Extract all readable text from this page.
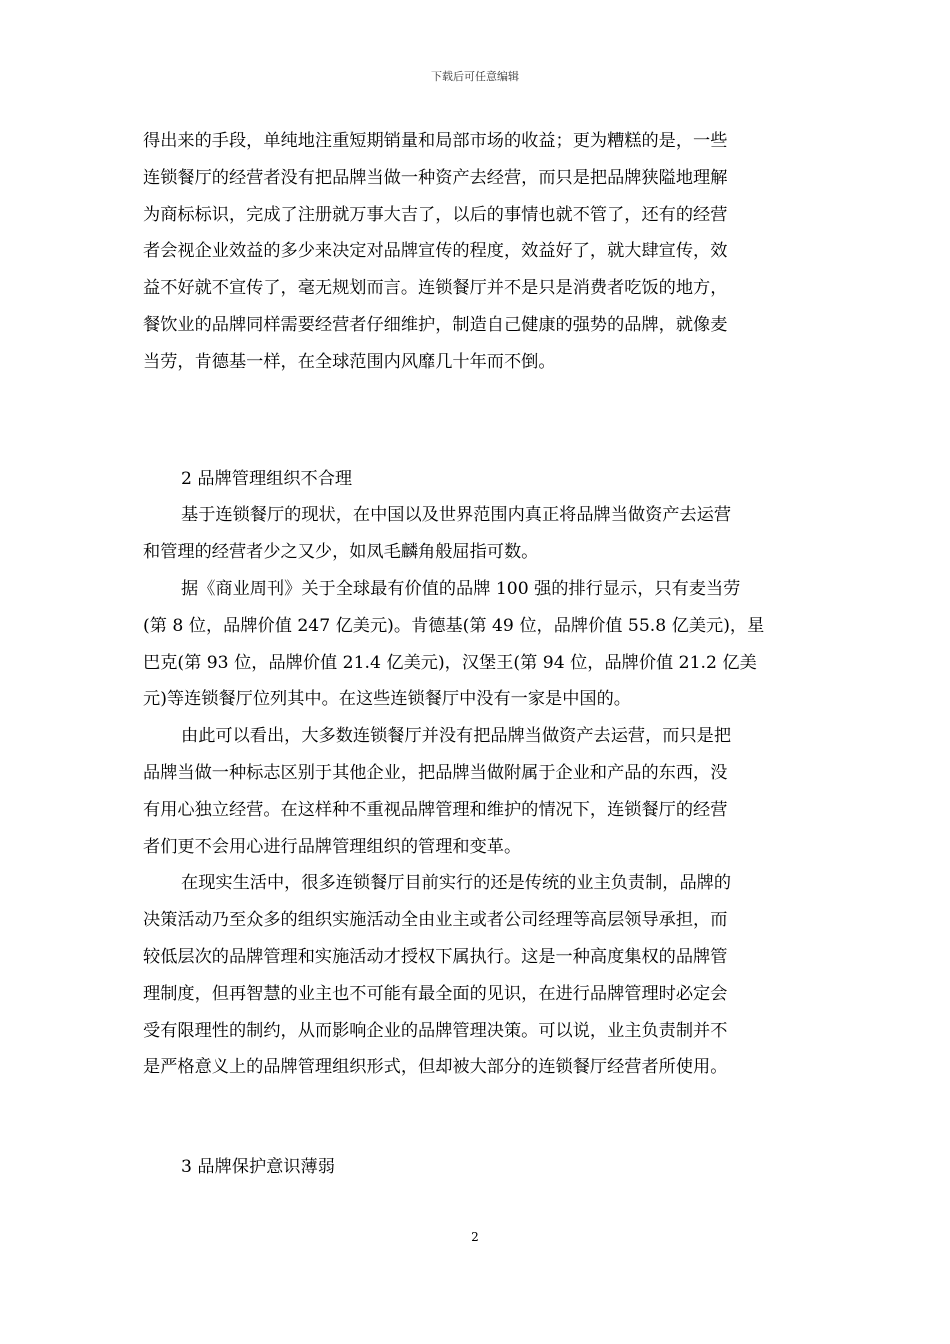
下载后可任意编辑
得出来的手段，单纯地注重短期销量和局部市场的收益；更为糟糕的是，一些
连锁餐厅的经营者没有把品牌当做一种资产去经营，而只是把品牌狭隘地理解
为商标标识，完成了注册就万事大吉了，以后的事情也就不管了，还有的经营
者会视企业效益的多少来决定对品牌宣传的程度，效益好了，就大肆宣传，效
益不好就不宣传了，毫无规划而言。连锁餐厅并不是只是消费者吃饭的地方，
餐饮业的品牌同样需要经营者仔细维护，制造自己健康的强势的品牌，就像麦
当劳，肯德基一样，在全球范围内风靡几十年而不倒。
2 品牌管理组织不合理
基于连锁餐厅的现状，在中国以及世界范围内真正将品牌当做资产去运营
和管理的经营者少之又少，如凤毛麟角般屈指可数。
据《商业周刊》关于全球最有价值的品牌 100 强的排行显示，只有麦当劳
(第 8 位，品牌价值 247 亿美元)。肯德基(第 49 位，品牌价值 55.8 亿美元)，星
巴克(第 93 位，品牌价值 21.4 亿美元)，汉堡王(第 94 位，品牌价值 21.2 亿美
元)等连锁餐厅位列其中。在这些连锁餐厅中没有一家是中国的。
由此可以看出，大多数连锁餐厅并没有把品牌当做资产去运营，而只是把
品牌当做一种标志区别于其他企业，把品牌当做附属于企业和产品的东西，没
有用心独立经营。在这样种不重视品牌管理和维护的情况下，连锁餐厅的经营
者们更不会用心进行品牌管理组织的管理和变革。
在现实生活中，很多连锁餐厅目前实行的还是传统的业主负责制，品牌的
决策活动乃至众多的组织实施活动全由业主或者公司经理等高层领导承担，而
较低层次的品牌管理和实施活动才授权下属执行。这是一种高度集权的品牌管
理制度，但再智慧的业主也不可能有最全面的见识，在进行品牌管理时必定会
受有限理性的制约，从而影响企业的品牌管理决策。可以说，业主负责制并不
是严格意义上的品牌管理组织形式，但却被大部分的连锁餐厅经营者所使用。
3 品牌保护意识薄弱
2
